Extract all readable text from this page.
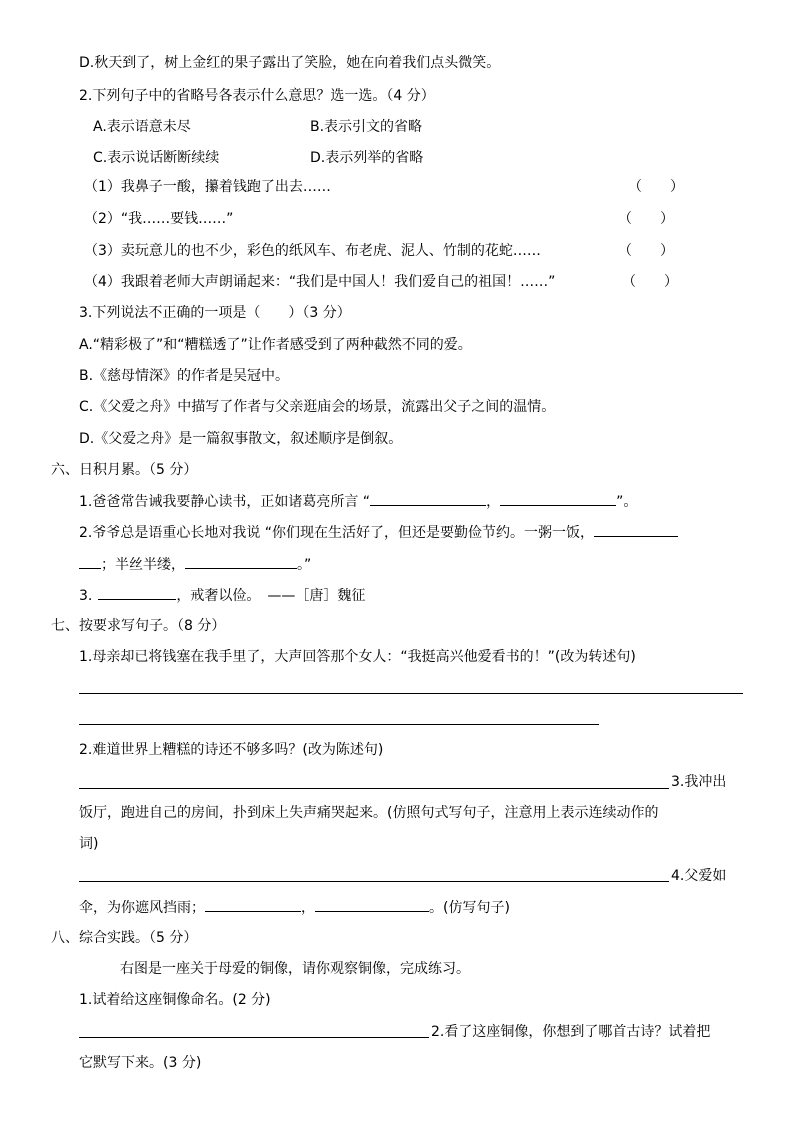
D.秋天到了，树上金红的果子露出了笑脸，她在向着我们点头微笑。
2.下列句子中的省略号各表示什么意思？选一选。（4 分）
A.表示语意未尽	B.表示引文的省略
C.表示说话断断续续	D.表示列举的省略
（1）我鼻子一酸，攥着钱跑了出去……	（　　）
（2）“我……要钱……”	（　　）
（3）卖玩意儿的也不少，彩色的纸风车、布老虎、泥人、竹制的花蛇……	（　　）
（4）我跟着老师大声朗诵起来：“我们是中国人！我们爱自己的祖国！……”	（　　）
3.下列说法不正确的一项是（　　）（3 分）
A.“精彩极了”和“糟糕透了”让作者感受到了两种截然不同的爱。
B.《慈母情深》的作者是吴冠中。
C.《父爱之舟》中描写了作者与父亲逛庙会的场景，流露出父子之间的温情。
D.《父爱之舟》是一篇叙事散文，叙述顺序是倒叙。
六、日积月累。（5 分）
1.爸爸常告诫我要静心读书，正如诸葛亮所言 “	，	”。
2.爷爷总是语重心长地对我说 “你们现在生活好了，但还是要勤俭节约。一粥一饭，
；半丝半缕，	。”
3.	，戒奢以俭。　——［唐］魏征
七、按要求写句子。（8 分）
1.母亲却已将钱塞在我手里了，大声回答那个女人：“我挺高兴他爱看书的！”(改为转述句)
2.难道世界上糟糕的诗还不够多吗？(改为陈述句)
3.我冲出
饭厅，跑进自己的房间，扑到床上失声痛哭起来。(仿照句式写句子，注意用上表示连续动作的
词)
4.父爱如
伞，为你遮风挡雨；	，	。(仿写句子)
八、综合实践。（5 分）
右图是一座关于母爱的铜像，请你观察铜像，完成练习。
1.试着给这座铜像命名。(2 分)
2.看了这座铜像，你想到了哪首古诗？试着把
它默写下来。(3 分)
